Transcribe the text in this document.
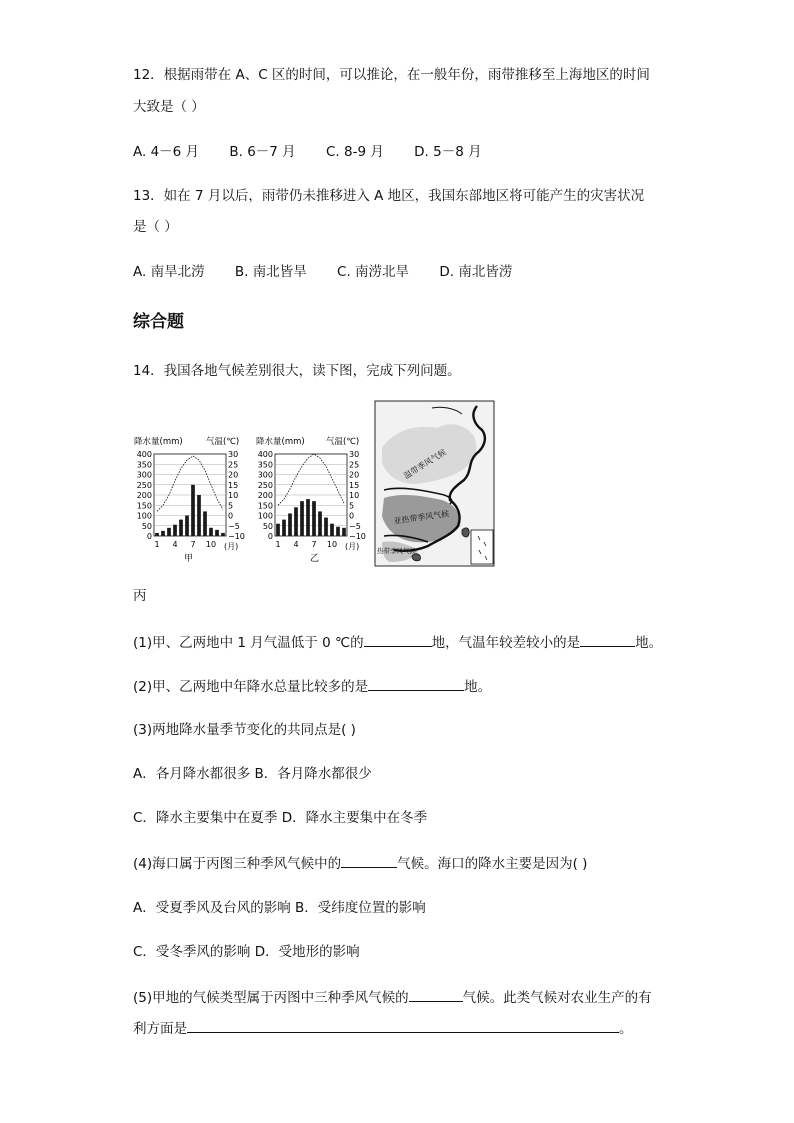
12．根据雨带在 A、C 区的时间，可以推论，在一般年份，雨带推移至上海地区的时间
大致是（ ）
A. 4－6 月 B. 6－7 月 C. 8-9 月 D. 5－8 月
13．如在 7 月以后，雨带仍未推移进入 A 地区，我国东部地区将可能产生的灾害状况
是（ ）
A. 南旱北涝 B. 南北皆旱 C. 南涝北旱 D. 南北皆涝
综合题
14．我国各地气候差别很大，读下图，完成下列问题。
降水量(mm)	气温(℃)
400
350
300
250
200
150
100
50
0
30
25
20
15
10
5
0
−5
−10
1 4 7 10 (月)
甲
降水量(mm)	气温(℃)
400
350
300
250
200
150
100
50
0
30
25
20
15
10
5
0
−5
−10
1 4 7 10 (月)
乙
温带季风气候
亚热带季风气候
热带季风气候
丙
(1)甲、乙两地中 1 月气温低于 0 ℃的	地，气温年较差较小的是	地。
(2)甲、乙两地中年降水总量比较多的是	地。
(3)两地降水量季节变化的共同点是( )
A．各月降水都很多 B．各月降水都很少
C．降水主要集中在夏季 D．降水主要集中在冬季
(4)海口属于丙图三种季风气候中的	气候。海口的降水主要是因为( )
A．受夏季风及台风的影响 B．受纬度位置的影响
C．受冬季风的影响 D．受地形的影响
(5)甲地的气候类型属于丙图中三种季风气候的	气候。此类气候对农业生产的有
利方面是	。
